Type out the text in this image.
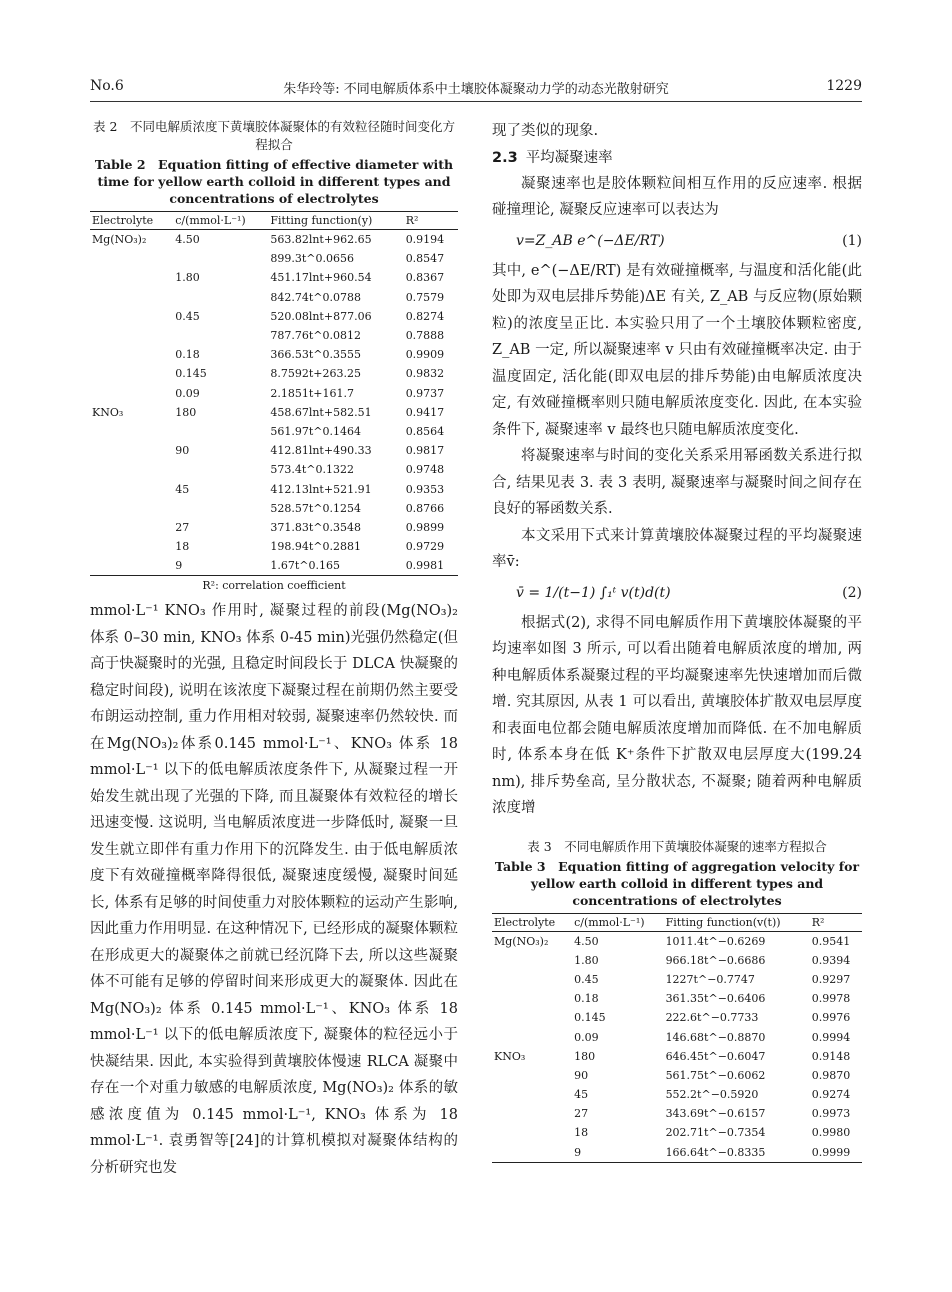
No.6	朱华玲等: 不同电解质体系中土壤胶体凝聚动力学的动态光散射研究	1229
表 2　不同电解质浓度下黄壤胶体凝聚体的有效粒径随时间变化方程拟合
Table 2　Equation fitting of effective diameter with time for yellow earth colloid in different types and concentrations of electrolytes
Electrolyte	c/(mmol·L⁻¹)	Fitting function(y)	R²
Mg(NO₃)₂	4.50	563.82lnt+962.65	0.9194
		899.3t^0.0656	0.8547
	1.80	451.17lnt+960.54	0.8367
		842.74t^0.0788	0.7579
	0.45	520.08lnt+877.06	0.8274
		787.76t^0.0812	0.7888
	0.18	366.53t^0.3555	0.9909
	0.145	8.7592t+263.25	0.9832
	0.09	2.1851t+161.7	0.9737
KNO₃	180	458.67lnt+582.51	0.9417
		561.97t^0.1464	0.8564
	90	412.81lnt+490.33	0.9817
		573.4t^0.1322	0.9748
	45	412.13lnt+521.91	0.9353
		528.57t^0.1254	0.8766
	27	371.83t^0.3548	0.9899
	18	198.94t^0.2881	0.9729
	9	1.67t^0.165	0.9981
R²: correlation coefficient

mmol·L⁻¹ KNO₃ 作用时, 凝聚过程的前段(Mg(NO₃)₂ 体系 0–30 min, KNO₃ 体系 0-45 min)光强仍然稳定(但高于快凝聚时的光强, 且稳定时间段长于 DLCA 快凝聚的稳定时间段), 说明在该浓度下凝聚过程在前期仍然主要受布朗运动控制, 重力作用相对较弱, 凝聚速率仍然较快. 而在Mg(NO₃)₂体系0.145 mmol·L⁻¹、KNO₃ 体系 18 mmol·L⁻¹ 以下的低电解质浓度条件下, 从凝聚过程一开始发生就出现了光强的下降, 而且凝聚体有效粒径的增长迅速变慢. 这说明, 当电解质浓度进一步降低时, 凝聚一旦发生就立即伴有重力作用下的沉降发生. 由于低电解质浓度下有效碰撞概率降得很低, 凝聚速度缓慢, 凝聚时间延长, 体系有足够的时间使重力对胶体颗粒的运动产生影响, 因此重力作用明显. 在这种情况下, 已经形成的凝聚体颗粒在形成更大的凝聚体之前就已经沉降下去, 所以这些凝聚体不可能有足够的停留时间来形成更大的凝聚体. 因此在 Mg(NO₃)₂ 体系 0.145 mmol·L⁻¹、KNO₃ 体系 18 mmol·L⁻¹ 以下的低电解质浓度下, 凝聚体的粒径远小于快凝结果. 因此, 本实验得到黄壤胶体慢速 RLCA 凝聚中存在一个对重力敏感的电解质浓度, Mg(NO₃)₂ 体系的敏感浓度值为 0.145 mmol·L⁻¹, KNO₃ 体系为 18 mmol·L⁻¹. 袁勇智等[24]的计算机模拟对凝聚体结构的分析研究也发

现了类似的现象.

2.3 平均凝聚速率

凝聚速率也是胶体颗粒间相互作用的反应速率. 根据碰撞理论, 凝聚反应速率可以表达为

v=Z_AB e^(−ΔE/RT)	(1)

其中, e^(−ΔE/RT) 是有效碰撞概率, 与温度和活化能(此处即为双电层排斥势能)ΔE 有关, Z_AB 与反应物(原始颗粒)的浓度呈正比. 本实验只用了一个土壤胶体颗粒密度, Z_AB 一定, 所以凝聚速率 v 只由有效碰撞概率决定. 由于温度固定, 活化能(即双电层的排斥势能)由电解质浓度决定, 有效碰撞概率则只随电解质浓度变化. 因此, 在本实验条件下, 凝聚速率 v 最终也只随电解质浓度变化.

将凝聚速率与时间的变化关系采用幂函数关系进行拟合, 结果见表 3. 表 3 表明, 凝聚速率与凝聚时间之间存在良好的幂函数关系.

本文采用下式来计算黄壤胶体凝聚过程的平均凝聚速率v̄:

v̄ = 1/(t−1) ∫₁ᵗ v(t)d(t)	(2)

根据式(2), 求得不同电解质作用下黄壤胶体凝聚的平均速率如图 3 所示, 可以看出随着电解质浓度的增加, 两种电解质体系凝聚过程的平均凝聚速率先快速增加而后微增. 究其原因, 从表 1 可以看出, 黄壤胶体扩散双电层厚度和表面电位都会随电解质浓度增加而降低. 在不加电解质时, 体系本身在低 K⁺条件下扩散双电层厚度大(199.24 nm), 排斥势垒高, 呈分散状态, 不凝聚; 随着两种电解质浓度增

表 3　不同电解质作用下黄壤胶体凝聚的速率方程拟合
Table 3　Equation fitting of aggregation velocity for yellow earth colloid in different types and concentrations of electrolytes
Electrolyte	c/(mmol·L⁻¹)	Fitting function(v(t))	R²
Mg(NO₃)₂	4.50	1011.4t^−0.6269	0.9541
	1.80	966.18t^−0.6686	0.9394
	0.45	1227t^−0.7747	0.9297
	0.18	361.35t^−0.6406	0.9978
	0.145	222.6t^−0.7733	0.9976
	0.09	146.68t^−0.8870	0.9994
KNO₃	180	646.45t^−0.6047	0.9148
	90	561.75t^−0.6062	0.9870
	45	552.2t^−0.5920	0.9274
	27	343.69t^−0.6157	0.9973
	18	202.71t^−0.7354	0.9980
	9	166.64t^−0.8335	0.9999
